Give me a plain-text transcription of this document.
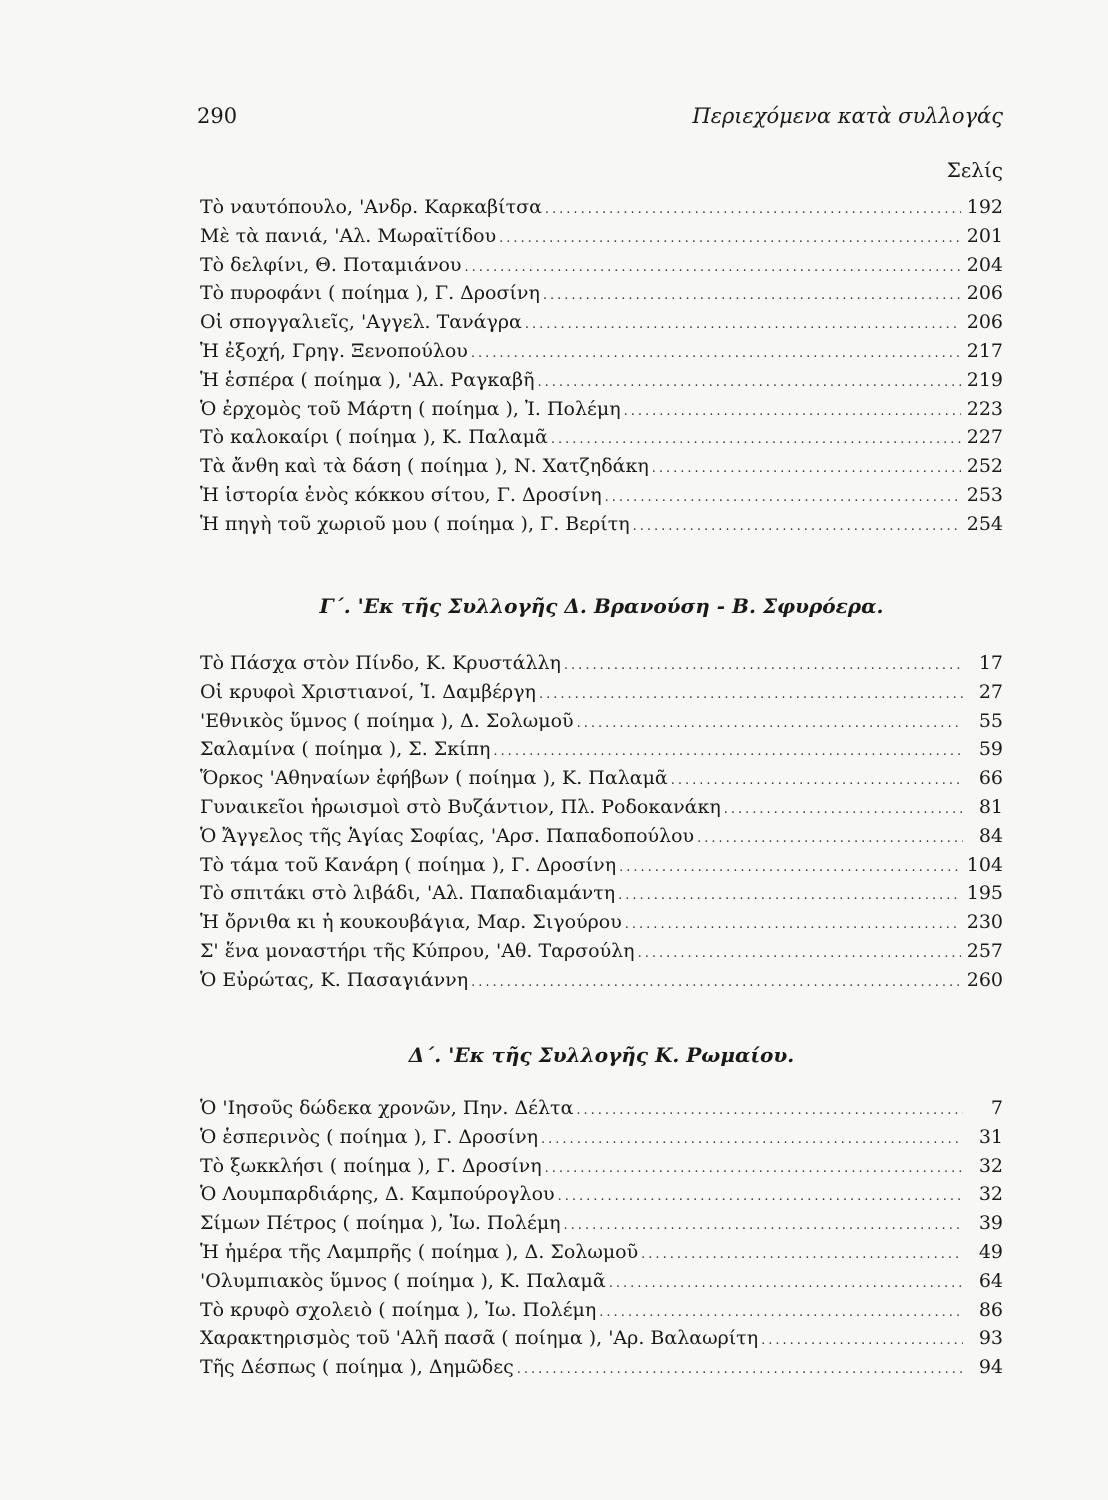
290	Περιεχόμενα κατὰ συλλογάς
Σελίς
Τὸ ναυτόπουλο, 'Ανδρ. Καρκαβίτσα .....	192
Μὲ τὰ πανιά, 'Αλ. Μωραϊτίδου .....	201
Τὸ δελφίνι, Θ. Ποταμιάνου .....	204
Τὸ πυροφάνι ( ποίημα ), Γ. Δροσίνη .....	206
Οἱ σπογγαλιεῖς, 'Αγγελ. Τανάγρα .....	206
Ἡ ἐξοχή, Γρηγ. Ξενοπούλου .....	217
Ἡ ἑσπέρα ( ποίημα ), 'Αλ. Ραγκαβῆ .....	219
Ὁ ἐρχομὸς τοῦ Μάρτη ( ποίημα ), Ἰ. Πολέμη .....	223
Τὸ καλοκαίρι ( ποίημα ), Κ. Παλαμᾶ .....	227
Τὰ ἄνθη καὶ τὰ δάση ( ποίημα ), Ν. Χατζηδάκη .....	252
Ἡ ἱστορία ἑνὸς κόκκου σίτου, Γ. Δροσίνη .....	253
Ἡ πηγὴ τοῦ χωριοῦ μου ( ποίημα ), Γ. Βερίτη .....	254
Γ΄. 'Εκ τῆς Συλλογῆς Δ. Βρανούση - Β. Σφυρόερα.
Τὸ Πάσχα στὸν Πίνδο, Κ. Κρυστάλλη .....	17
Οἱ κρυφοὶ Χριστιανοί, Ἰ. Δαμβέργη .....	27
'Εθνικὸς ὕμνος ( ποίημα ), Δ. Σολωμοῦ .....	55
Σαλαμίνα ( ποίημα ), Σ. Σκίπη .....	59
Ὅρκος 'Αθηναίων ἐφήβων ( ποίημα ), Κ. Παλαμᾶ .....	66
Γυναικεῖοι ἡρωισμοὶ στὸ Βυζάντιον, Πλ. Ροδοκανάκη .....	81
Ὁ Ἄγγελος τῆς Ἁγίας Σοφίας, 'Αρσ. Παπαδοπούλου .....	84
Τὸ τάμα τοῦ Κανάρη ( ποίημα ), Γ. Δροσίνη .....	104
Τὸ σπιτάκι στὸ λιβάδι, 'Αλ. Παπαδιαμάντη .....	195
Ἡ ὄρνιθα κι ἡ κουκουβάγια, Μαρ. Σιγούρου .....	230
Σ' ἕνα μοναστήρι τῆς Κύπρου, 'Αθ. Ταρσούλη .....	257
Ὁ Εὐρώτας, Κ. Πασαγιάννη .....	260
Δ΄. 'Εκ τῆς Συλλογῆς Κ. Ρωμαίου.
Ὁ 'Ιησοῦς δώδεκα χρονῶν, Πην. Δέλτα .....	7
Ὁ ἑσπερινὸς ( ποίημα ), Γ. Δροσίνη .....	31
Τὸ ξωκκλήσι ( ποίημα ), Γ. Δροσίνη .....	32
Ὁ Λουμπαρδιάρης, Δ. Καμπούρογλου .....	32
Σίμων Πέτρος ( ποίημα ), Ἰω. Πολέμη .....	39
Ἡ ἡμέρα τῆς Λαμπρῆς ( ποίημα ), Δ. Σολωμοῦ .....	49
'Ολυμπιακὸς ὕμνος ( ποίημα ), Κ. Παλαμᾶ .....	64
Τὸ κρυφὸ σχολειὸ ( ποίημα ), Ἰω. Πολέμη .....	86
Χαρακτηρισμὸς τοῦ 'Αλῆ πασᾶ ( ποίημα ), 'Αρ. Βαλαωρίτη .....	93
Τῆς Δέσπως ( ποίημα ), Δημῶδες .....	94
